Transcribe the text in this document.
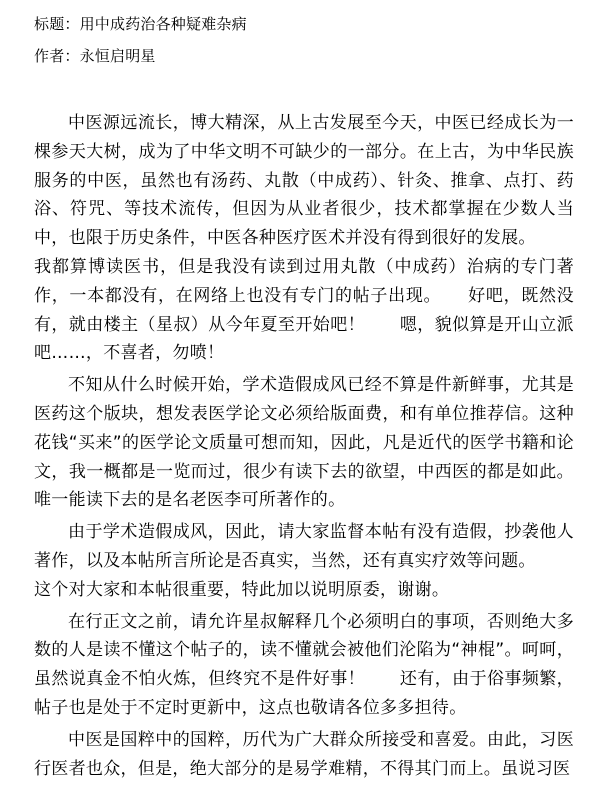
标题：用中成药治各种疑难杂病
作者：永恒启明星

中医源远流长，博大精深，从上古发展至今天，中医已经成长为一棵参天大树，成为了中华文明不可缺少的一部分。在上古，为中华民族服务的中医，虽然也有汤药、丸散（中成药）、针灸、推拿、点打、药浴、符咒、等技术流传，但因为从业者很少，技术都掌握在少数人当中，也限于历史条件，中医各种医疗医术并没有得到很好的发展。

我都算博读医书，但是我没有读到过用丸散（中成药）治病的专门著作，一本都没有，在网络上也没有专门的帖子出现。　　好吧，既然没有，就由楼主（星叔）从今年夏至开始吧！　　嗯，貌似算是开山立派吧……，不喜者，勿喷！

不知从什么时候开始，学术造假成风已经不算是件新鲜事，尤其是医药这个版块，想发表医学论文必须给版面费，和有单位推荐信。这种花钱“买来”的医学论文质量可想而知，因此，凡是近代的医学书籍和论文，我一概都是一览而过，很少有读下去的欲望，中西医的都是如此。唯一能读下去的是名老医李可所著作的。

由于学术造假成风，因此，请大家监督本帖有没有造假，抄袭他人著作，以及本帖所言所论是否真实，当然，还有真实疗效等问题。

这个对大家和本帖很重要，特此加以说明原委，谢谢。

在行正文之前，请允许星叔解释几个必须明白的事项，否则绝大多数的人是读不懂这个帖子的，读不懂就会被他们沦陷为“神棍”。呵呵，虽然说真金不怕火炼，但终究不是件好事！　　还有，由于俗事频繁，帖子也是处于不定时更新中，这点也敬请各位多多担待。

中医是国粹中的国粹，历代为广大群众所接受和喜爱。由此，习医行医者也众，但是，绝大部分的是易学难精，不得其门而上。虽说习医
